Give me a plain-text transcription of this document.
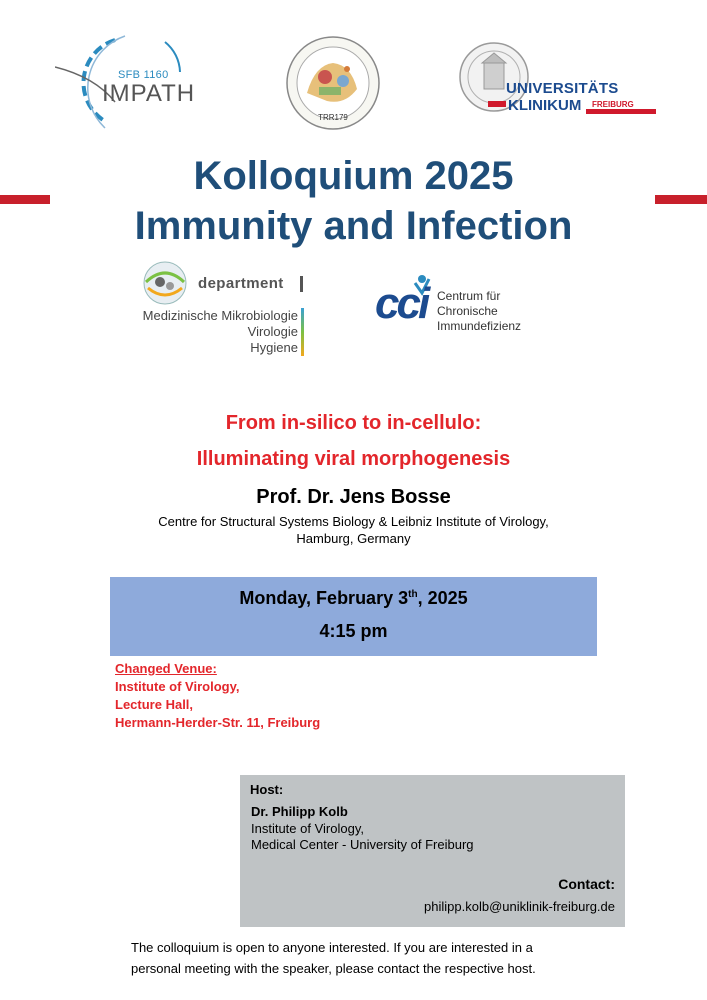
SFB 1160
IMPATH
TRR179
UNIVERSITÄTS
KLINIKUM FREIBURG
Kolloquium 2025
Immunity and Infection
department
Medizinische Mikrobiologie
Virologie
Hygiene
cci Centrum für Chronische
Immundefizienz
From in-silico to in-cellulo:
Illuminating viral morphogenesis
Prof. Dr. Jens Bosse
Centre for Structural Systems Biology & Leibniz Institute of Virology,
Hamburg, Germany
Monday, February 3th, 2025
4:15 pm
Changed Venue:
Institute of Virology,
Lecture Hall,
Hermann-Herder-Str. 11, Freiburg
Host:
Dr. Philipp Kolb
Institute of Virology,
Medical Center - University of Freiburg
Contact:
philipp.kolb@uniklinik-freiburg.de
The colloquium is open to anyone interested. If you are interested in a
personal meeting with the speaker, please contact the respective host.
